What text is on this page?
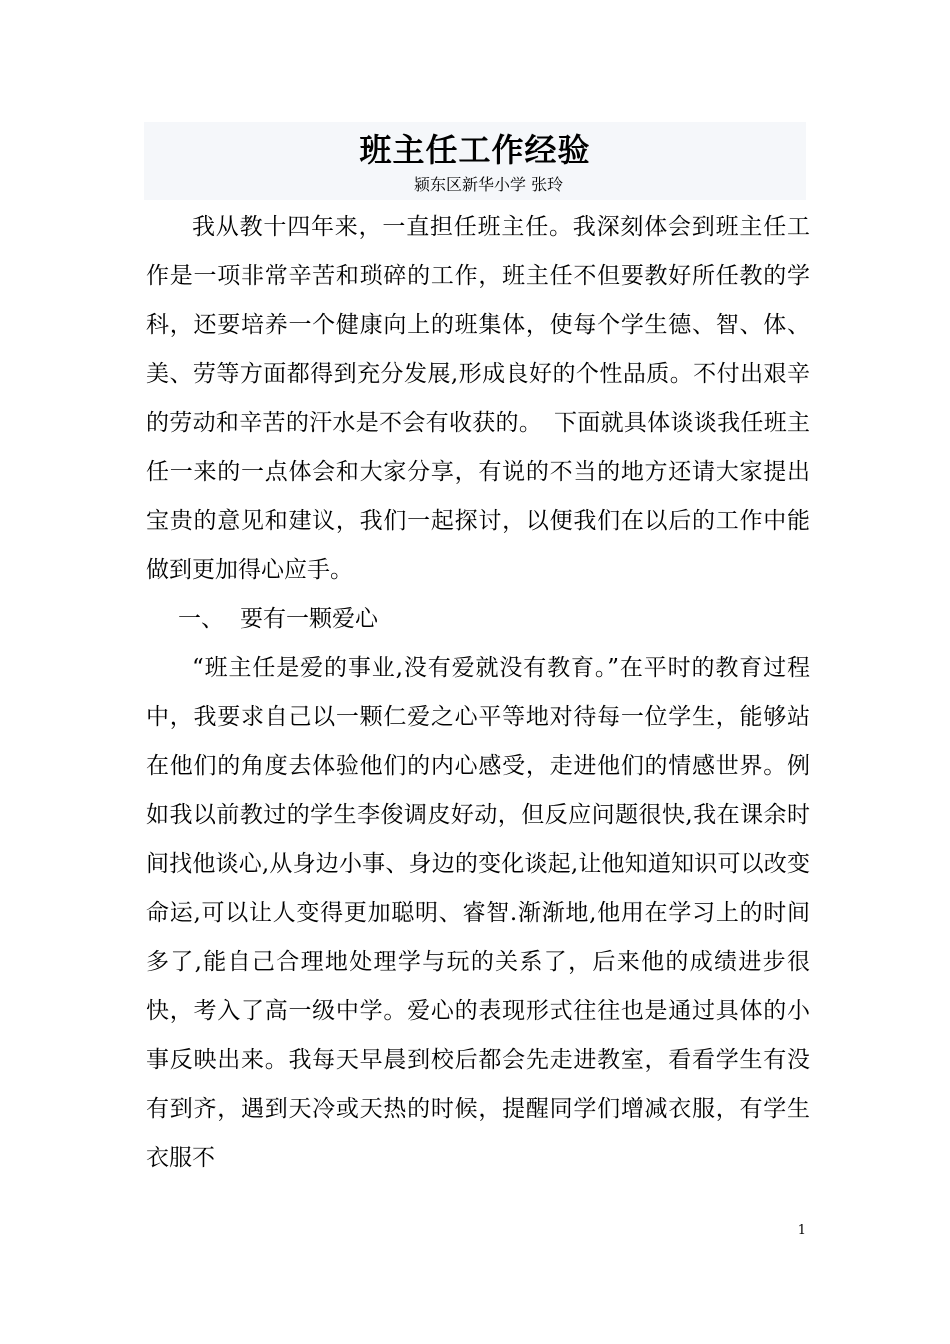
班主任工作经验
颍东区新华小学 张玲

我从教十四年来，一直担任班主任。我深刻体会到班主任工作是一项非常辛苦和琐碎的工作，班主任不但要教好所任教的学科，还要培养一个健康向上的班集体，使每个学生德、智、体、美、劳等方面都得到充分发展,形成良好的个性品质。不付出艰辛的劳动和辛苦的汗水是不会有收获的。　下面就具体谈谈我任班主任一来的一点体会和大家分享，有说的不当的地方还请大家提出宝贵的意见和建议，我们一起探讨，以便我们在以后的工作中能做到更加得心应手。

一、 要有一颗爱心

“班主任是爱的事业,没有爱就没有教育。”在平时的教育过程中，我要求自己以一颗仁爱之心平等地对待每一位学生，能够站在他们的角度去体验他们的内心感受，走进他们的情感世界。例如我以前教过的学生李俊调皮好动，但反应问题很快,我在课余时间找他谈心,从身边小事、身边的变化谈起,让他知道知识可以改变命运,可以让人变得更加聪明、睿智.渐渐地,他用在学习上的时间多了,能自己合理地处理学与玩的关系了，后来他的成绩进步很快，考入了高一级中学。爱心的表现形式往往也是通过具体的小事反映出来。我每天早晨到校后都会先走进教室，看看学生有没有到齐，遇到天冷或天热的时候，提醒同学们增减衣服，有学生衣服不

1
